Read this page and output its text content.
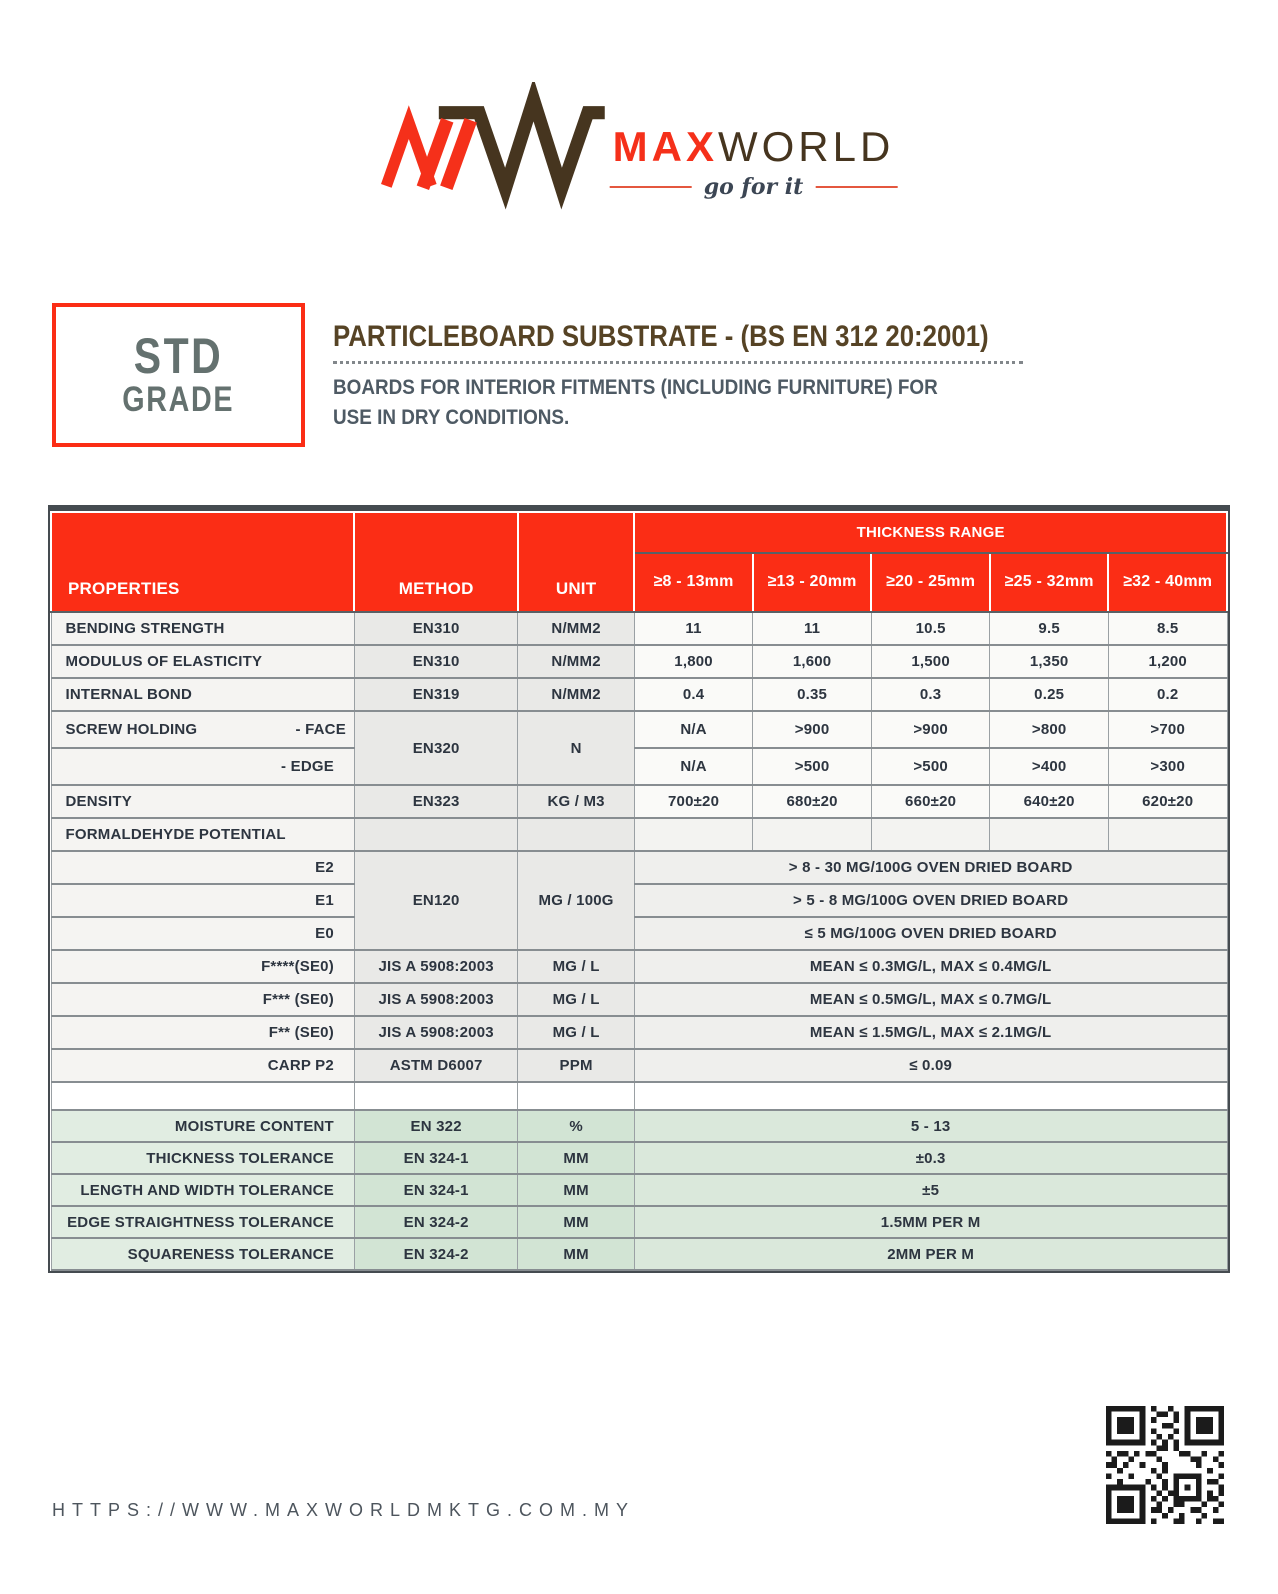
MAXWORLD
go for it
STD
GRADE
PARTICLEBOARD SUBSTRATE - (BS EN 312 20:2001)
BOARDS FOR INTERIOR FITMENTS (INCLUDING FURNITURE) FOR
USE IN DRY CONDITIONS.
PROPERTIES	METHOD	UNIT	THICKNESS RANGE				
			≥8 - 13mm	≥13 - 20mm	≥20 - 25mm	≥25 - 32mm	≥32 - 40mm
BENDING STRENGTH	EN310	N/MM2	11	11	10.5	9.5	8.5
MODULUS OF ELASTICITY	EN310	N/MM2	1,800	1,600	1,500	1,350	1,200
INTERNAL BOND	EN319	N/MM2	0.4	0.35	0.3	0.25	0.2

SCREW HOLDING - FACE	EN320	N	N/A	>900	>900	>800	>700
- EDGE			N/A	>500	>500	>400	>300
DENSITY	EN323	KG / M3	700±20	680±20	660±20	640±20	620±20
FORMALDEHYDE POTENTIAL							
E2	EN120	MG / 100G	> 8 - 30 MG/100G OVEN DRIED BOARD				
E1			> 5 - 8 MG/100G OVEN DRIED BOARD				
E0			≤ 5 MG/100G OVEN DRIED BOARD				
F****(SE0)	JIS A 5908:2003	MG / L	MEAN ≤ 0.3MG/L, MAX ≤ 0.4MG/L				
F*** (SE0)	JIS A 5908:2003	MG / L	MEAN ≤ 0.5MG/L, MAX ≤ 0.7MG/L				
F** (SE0)	JIS A 5908:2003	MG / L	MEAN ≤ 1.5MG/L, MAX ≤ 2.1MG/L				
CARP P2	ASTM D6007	PPM	≤ 0.09				

MOISTURE CONTENT	EN 322	%	5 - 13				
THICKNESS TOLERANCE	EN 324-1	MM	±0.3				
LENGTH AND WIDTH TOLERANCE	EN 324-1	MM	±5				
EDGE STRAIGHTNESS TOLERANCE	EN 324-2	MM	1.5MM PER M				
SQUARENESS TOLERANCE	EN 324-2	MM	2MM PER M				
HTTPS://WWW.MAXWORLDMKTG.COM.MY
